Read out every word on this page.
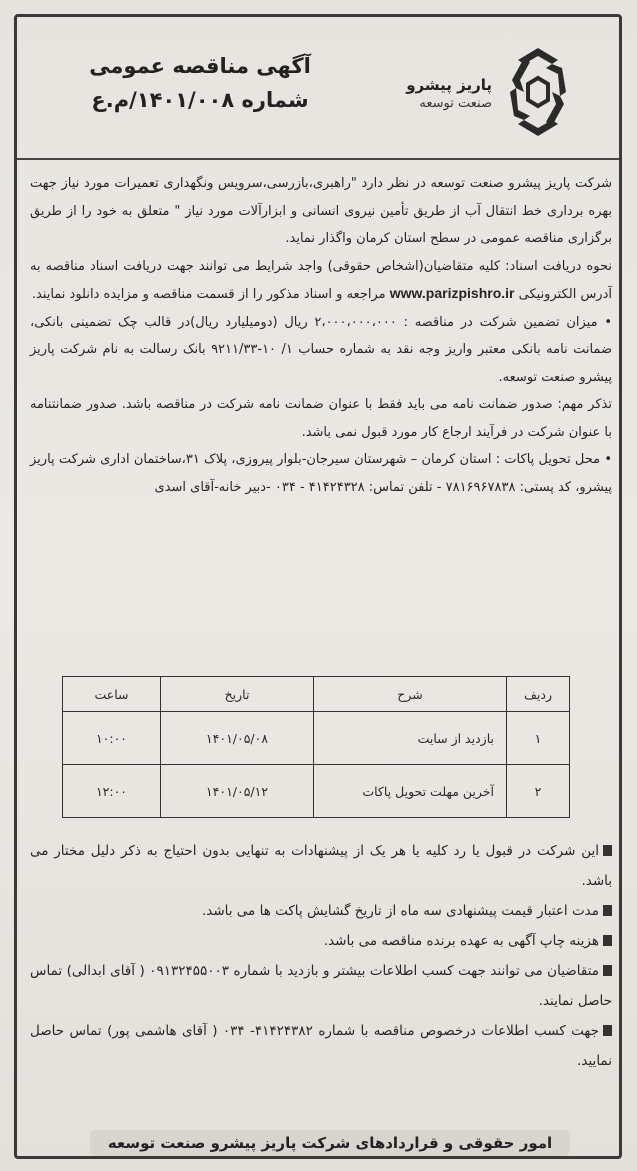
آگهی مناقصه عمومی
شماره ۱۴۰۱/۰۰۸/م.ع
پاریز پیشرو
صنعت توسعه

شرکت پاریز پیشرو صنعت توسعه در نظر دارد "راهبری،بازرسی،سرویس ونگهداری تعمیرات مورد نیاز جهت بهره برداری خط انتقال آب از طریق تأمین نیروی انسانی و ابزارآلات مورد نیاز " متعلق به خود را از طریق برگزاری مناقصه عمومی در سطح استان کرمان واگذار نماید.

نحوه دریافت اسناد: کلیه متقاضیان(اشخاص حقوقی) واجد شرایط می توانند جهت دریافت اسناد مناقصه به آدرس الکترونیکی www.parizpishro.ir مراجعه و اسناد مذکور را از قسمت مناقصه و مزایده دانلود نمایند.

• میزان تضمین شرکت در مناقصه : ۲،۰۰۰،۰۰۰،۰۰۰ ریال (دومیلیارد ریال)در قالب چک تضمینی بانکی، ضمانت نامه بانکی معتبر واریز وجه نقد به شماره حساب ۱/ ۱۰-۹۲۱۱/۳۳ بانک رسالت به نام شرکت پاریز پیشرو صنعت توسعه.

تذکر مهم: صدور ضمانت نامه می باید فقط با عنوان ضمانت نامه شرکت در مناقصه باشد. صدور ضمانتنامه با عنوان شرکت در فرآیند ارجاع کار مورد قبول نمی باشد.

• محل تحویل پاکات : استان کرمان – شهرستان سیرجان-بلوار پیروزی، پلاک ۳۱،ساختمان اداری شرکت پاریز پیشرو، کد پستی: ۷۸۱۶۹۶۷۸۳۸ - تلفن تماس: ۴۱۴۲۴۳۲۸ - ۰۳۴ -دبیر خانه-آقای اسدی

ردیف	شرح	تاریخ	ساعت
۱	بازدید از سایت	۱۴۰۱/۰۵/۰۸	۱۰:۰۰
۲	آخرین مهلت تحویل پاکات	۱۴۰۱/۰۵/۱۲	۱۲:۰۰

این شرکت در قبول یا رد کلیه یا هر یک از پیشنهادات به تنهایی بدون احتیاج به ذکر دلیل مختار می باشد.

مدت اعتبار قیمت پیشنهادی سه ماه از تاریخ گشایش پاکت ها می باشد.

هزینه چاپ آگهی به عهده برنده مناقصه می باشد.

متقاضیان می توانند جهت کسب اطلاعات بیشتر و بازدید با شماره ۰۹۱۳۲۴۵۵۰۰۳ ( آقای ابدالی) تماس حاصل نمایند.

جهت کسب اطلاعات درخصوص مناقصه با شماره ۴۱۴۲۴۳۸۲- ۰۳۴ ( آقای هاشمی پور) تماس حاصل نمایید.

امور حقوقی و قراردادهای شرکت پاریز پیشرو صنعت توسعه
